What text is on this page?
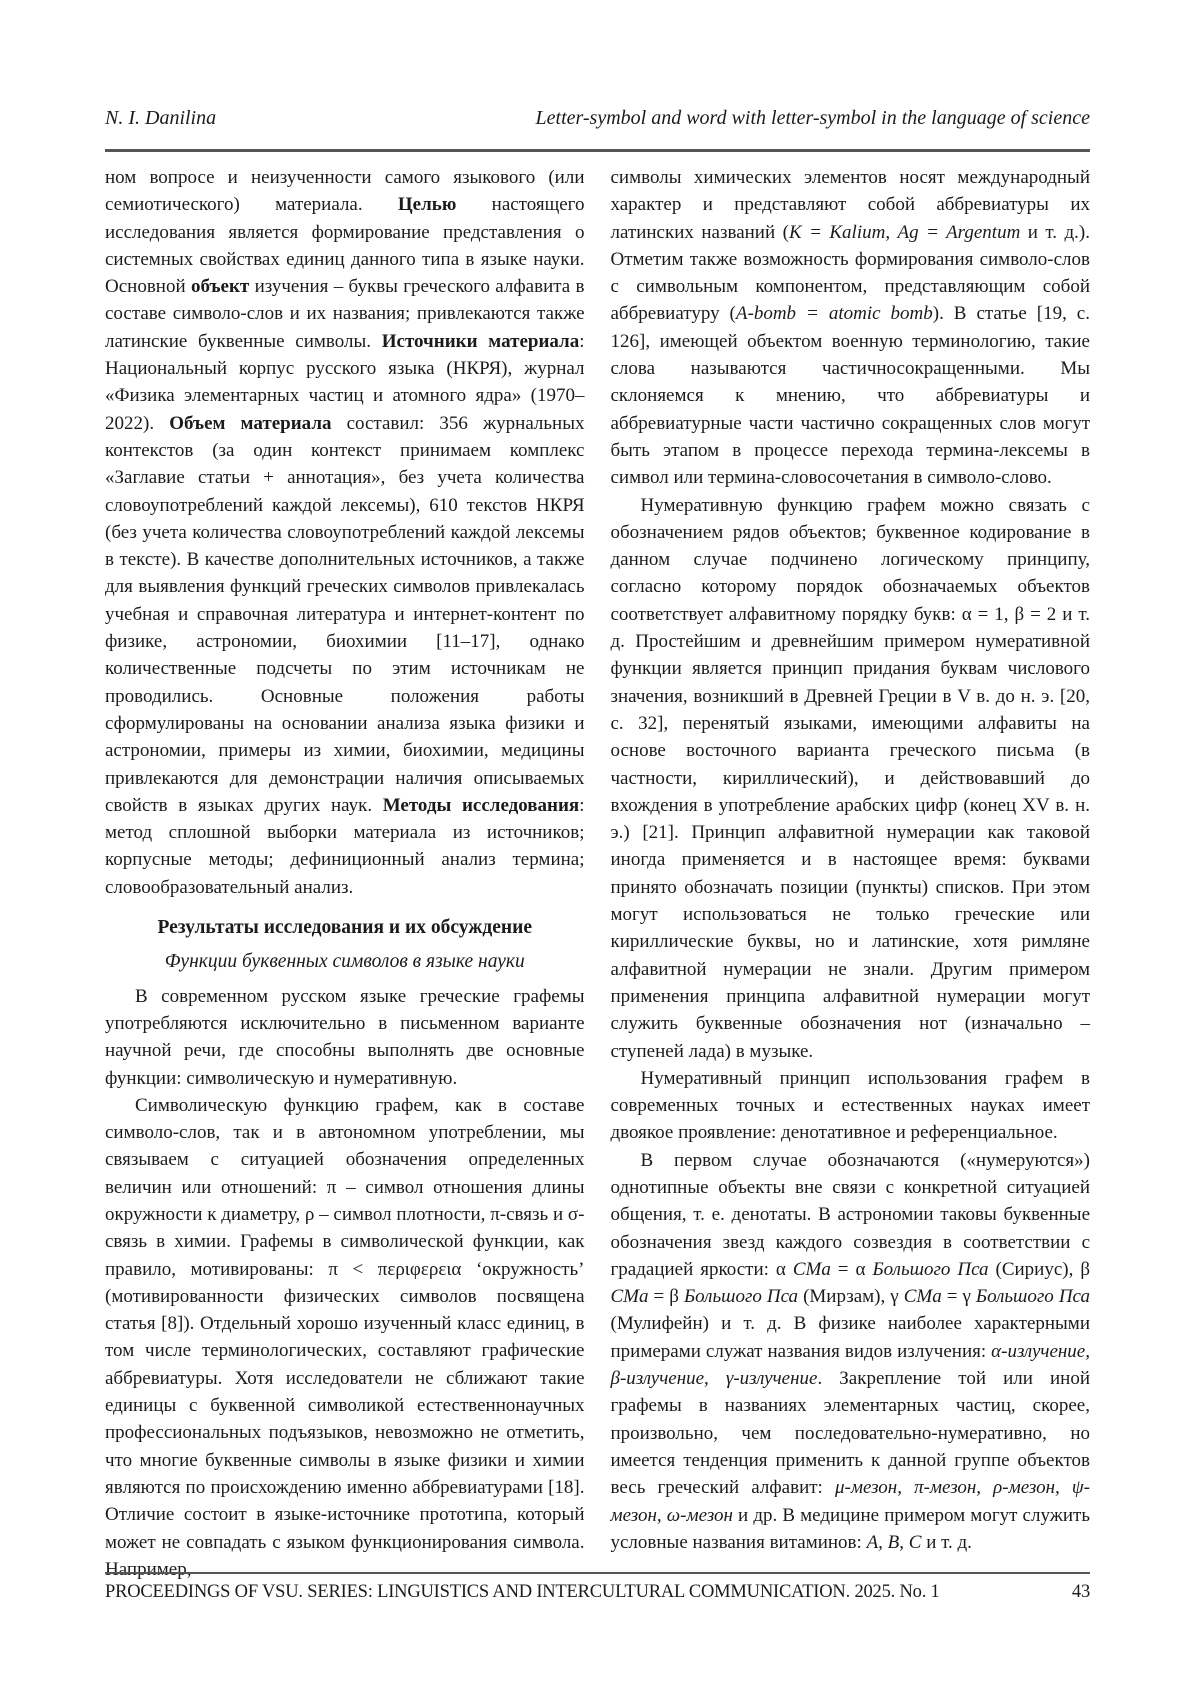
N. I. Danilina	Letter-symbol and word with letter-symbol in the language of science

ном вопросе и неизученности самого языкового (или семиотического) материала. Целью настоящего исследования является формирование представления о системных свойствах единиц данного типа в языке науки. Основной объект изучения – буквы греческого алфавита в составе символо-слов и их названия; привлекаются также латинские буквенные символы. Источники материала: Национальный корпус русского языка (НКРЯ), журнал «Физика элементарных частиц и атомного ядра» (1970–2022). Объем материала составил: 356 журнальных контекстов (за один контекст принимаем комплекс «Заглавие статьи + аннотация», без учета количества словоупотреблений каждой лексемы), 610 текстов НКРЯ (без учета количества словоупотреблений каждой лексемы в тексте). В качестве дополнительных источников, а также для выявления функций греческих символов привлекалась учебная и справочная литература и интернет-контент по физике, астрономии, биохимии [11–17], однако количественные подсчеты по этим источникам не проводились. Основные положения работы сформулированы на основании анализа языка физики и астрономии, примеры из химии, биохимии, медицины привлекаются для демонстрации наличия описываемых свойств в языках других наук. Методы исследования: метод сплошной выборки материала из источников; корпусные методы; дефиниционный анализ термина; словообразовательный анализ.

Результаты исследования и их обсуждение
Функции буквенных символов в языке науки

В современном русском языке греческие графемы употребляются исключительно в письменном варианте научной речи, где способны выполнять две основные функции: символическую и нумеративную.

Символическую функцию графем, как в составе символо-слов, так и в автономном употреблении, мы связываем с ситуацией обозначения определенных величин или отношений: π – символ отношения длины окружности к диаметру, ρ – символ плотности, π-связь и σ-связь в химии. Графемы в символической функции, как правило, мотивированы: π < περιφερεια ‘окружность’ (мотивированности физических символов посвящена статья [8]). Отдельный хорошо изученный класс единиц, в том числе терминологических, составляют графические аббревиатуры. Хотя исследователи не сближают такие единицы с буквенной символикой естественнонаучных профессиональных подъязыков, невозможно не отметить, что многие буквенные символы в языке физики и химии являются по происхождению именно аббревиатурами [18]. Отличие состоит в языке-источнике прототипа, который может не совпадать с языком функционирования символа. Например,

символы химических элементов носят международный характер и представляют собой аббревиатуры их латинских названий (K = Kalium, Ag = Argentum и т. д.). Отметим также возможность формирования символо-слов с символьным компонентом, представляющим собой аббревиатуру (A-bomb = atomic bomb). В статье [19, с. 126], имеющей объектом военную терминологию, такие слова называются частичносокращенными. Мы склоняемся к мнению, что аббревиатуры и аббревиатурные части частично сокращенных слов могут быть этапом в процессе перехода термина-лексемы в символ или термина-словосочетания в символо-слово.

Нумеративную функцию графем можно связать с обозначением рядов объектов; буквенное кодирование в данном случае подчинено логическому принципу, согласно которому порядок обозначаемых объектов соответствует алфавитному порядку букв: α = 1, β = 2 и т. д. Простейшим и древнейшим примером нумеративной функции является принцип придания буквам числового значения, возникший в Древней Греции в V в. до н. э. [20, с. 32], перенятый языками, имеющими алфавиты на основе восточного варианта греческого письма (в частности, кириллический), и действовавший до вхождения в употребление арабских цифр (конец XV в. н. э.) [21]. Принцип алфавитной нумерации как таковой иногда применяется и в настоящее время: буквами принято обозначать позиции (пункты) списков. При этом могут использоваться не только греческие или кириллические буквы, но и латинские, хотя римляне алфавитной нумерации не знали. Другим примером применения принципа алфавитной нумерации могут служить буквенные обозначения нот (изначально – ступеней лада) в музыке.

Нумеративный принцип использования графем в современных точных и естественных науках имеет двоякое проявление: денотативное и референциальное.

В первом случае обозначаются («нумеруются») однотипные объекты вне связи с конкретной ситуацией общения, т. е. денотаты. В астрономии таковы буквенные обозначения звезд каждого созвездия в соответствии с градацией яркости: α CMa = α Большого Пса (Сириус), β CMa = β Большого Пса (Мирзам), γ CMa = γ Большого Пса (Мулифейн) и т. д. В физике наиболее характерными примерами служат названия видов излучения: α-излучение, β-излучение, γ-излучение. Закрепление той или иной графемы в названиях элементарных частиц, скорее, произвольно, чем последовательно-нумеративно, но имеется тенденция применить к данной группе объектов весь греческий алфавит: μ-мезон, π-мезон, ρ-мезон, ψ-мезон, ω-мезон и др. В медицине примером могут служить условные названия витаминов: A, B, C и т. д.

PROCEEDINGS OF VSU. SERIES: LINGUISTICS AND INTERCULTURAL COMMUNICATION. 2025. No. 1	43
